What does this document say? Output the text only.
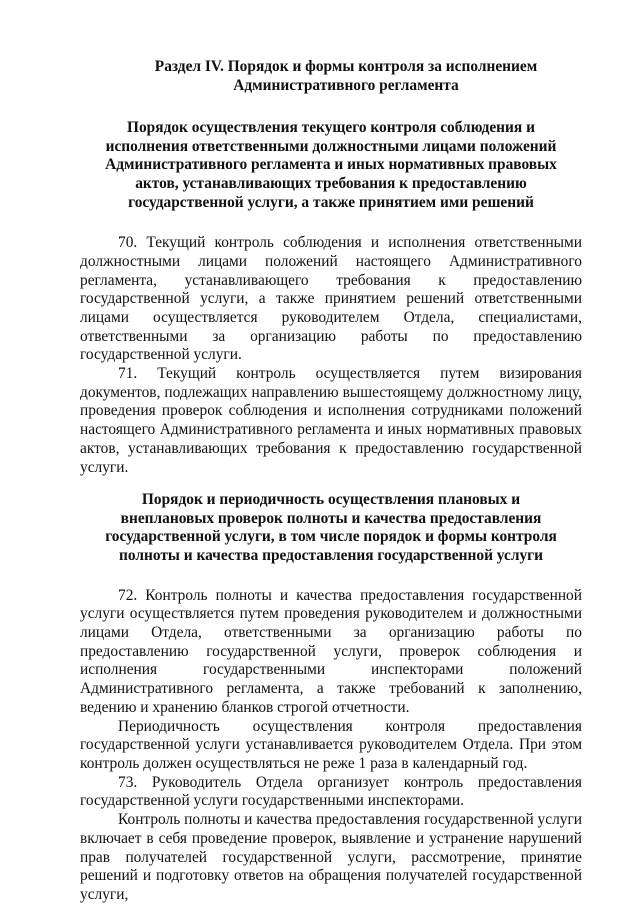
Раздел IV. Порядок и формы контроля за исполнением Административного регламента
Порядок осуществления текущего контроля соблюдения и исполнения ответственными должностными лицами положений Административного регламента и иных нормативных правовых актов, устанавливающих требования к предоставлению государственной услуги, а также принятием ими решений

70. Текущий контроль соблюдения и исполнения ответственными должностными лицами положений настоящего Административного регламента, устанавливающего требования к предоставлению государственной услуги, а также принятием решений ответственными лицами осуществляется руководителем Отдела, специалистами, ответственными за организацию работы по предоставлению государственной услуги.

71. Текущий контроль осуществляется путем визирования документов, подлежащих направлению вышестоящему должностному лицу, проведения проверок соблюдения и исполнения сотрудниками положений настоящего Административного регламента и иных нормативных правовых актов, устанавливающих требования к предоставлению государственной услуги.

Порядок и периодичность осуществления плановых и внеплановых проверок полноты и качества предоставления государственной услуги, в том числе порядок и формы контроля полноты и качества предоставления государственной услуги

72. Контроль полноты и качества предоставления государственной услуги осуществляется путем проведения руководителем и должностными лицами Отдела, ответственными за организацию работы по предоставлению государственной услуги, проверок соблюдения и исполнения государственными инспекторами положений Административного регламента, а также требований к заполнению, ведению и хранению бланков строгой отчетности.

Периодичность осуществления контроля предоставления государственной услуги устанавливается руководителем Отдела. При этом контроль должен осуществляться не реже 1 раза в календарный год.

73. Руководитель Отдела организует контроль предоставления государственной услуги государственными инспекторами.

Контроль полноты и качества предоставления государственной услуги включает в себя проведение проверок, выявление и устранение нарушений прав получателей государственной услуги, рассмотрение, принятие решений и подготовку ответов на обращения получателей государственной услуги,
